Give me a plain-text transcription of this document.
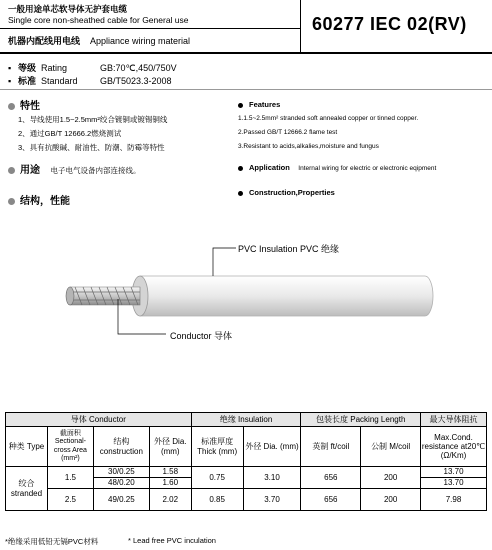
一般用途单芯软导体无护套电缆
Single core non-sheathed cable for General use
机器内配线用电线 Appliance wiring material
60277 IEC 02(RV)
▪ 等级 Rating	GB:70℃,450/750V
▪ 标准 Standard GB/T5023.3-2008
特性
1、导线使用1.5~2.5mm²绞合镀铜或镀锡铜线
2、通过GB/T 12666.2燃烧测试
3、具有抗酸碱、耐油性、防潮、防霉等特性
用途 电子电气设备内部连接线。
结构，性能
Features
1.1.5~2.5mm² stranded soft annealed copper or tinned copper.
2.Passed GB/T 12666.2 flame test
3.Resistant to acids,alkalies,moisture and fungus
Application Internal wiring for electric or electronic eqipment
Construction,Properties
PVC Insulation PVC 绝缘
Conductor 导体
导体 Conductor				绝缘 Insulation		包装长度 Packing Length		最大导体阻抗
种类 Type	截面积 Sectional-cross Area (mm²)	结构 construction	外径 Dia. (mm)	标准厚度 Thick (mm)	外径 Dia. (mm)	英制 ft/coil	公制 M/coil	Max.Cond. resistance at20℃ (Ω/Km)
绞合 stranded	1.5	30/0.25	1.58	0.75	3.10	656	200	13.70
		48/0.20	1.60					13.70
	2.5	49/0.25	2.02	0.85	3.70	656	200	7.98
*绝缘采用低铅无镉PVC材料	* Lead free PVC inculation
